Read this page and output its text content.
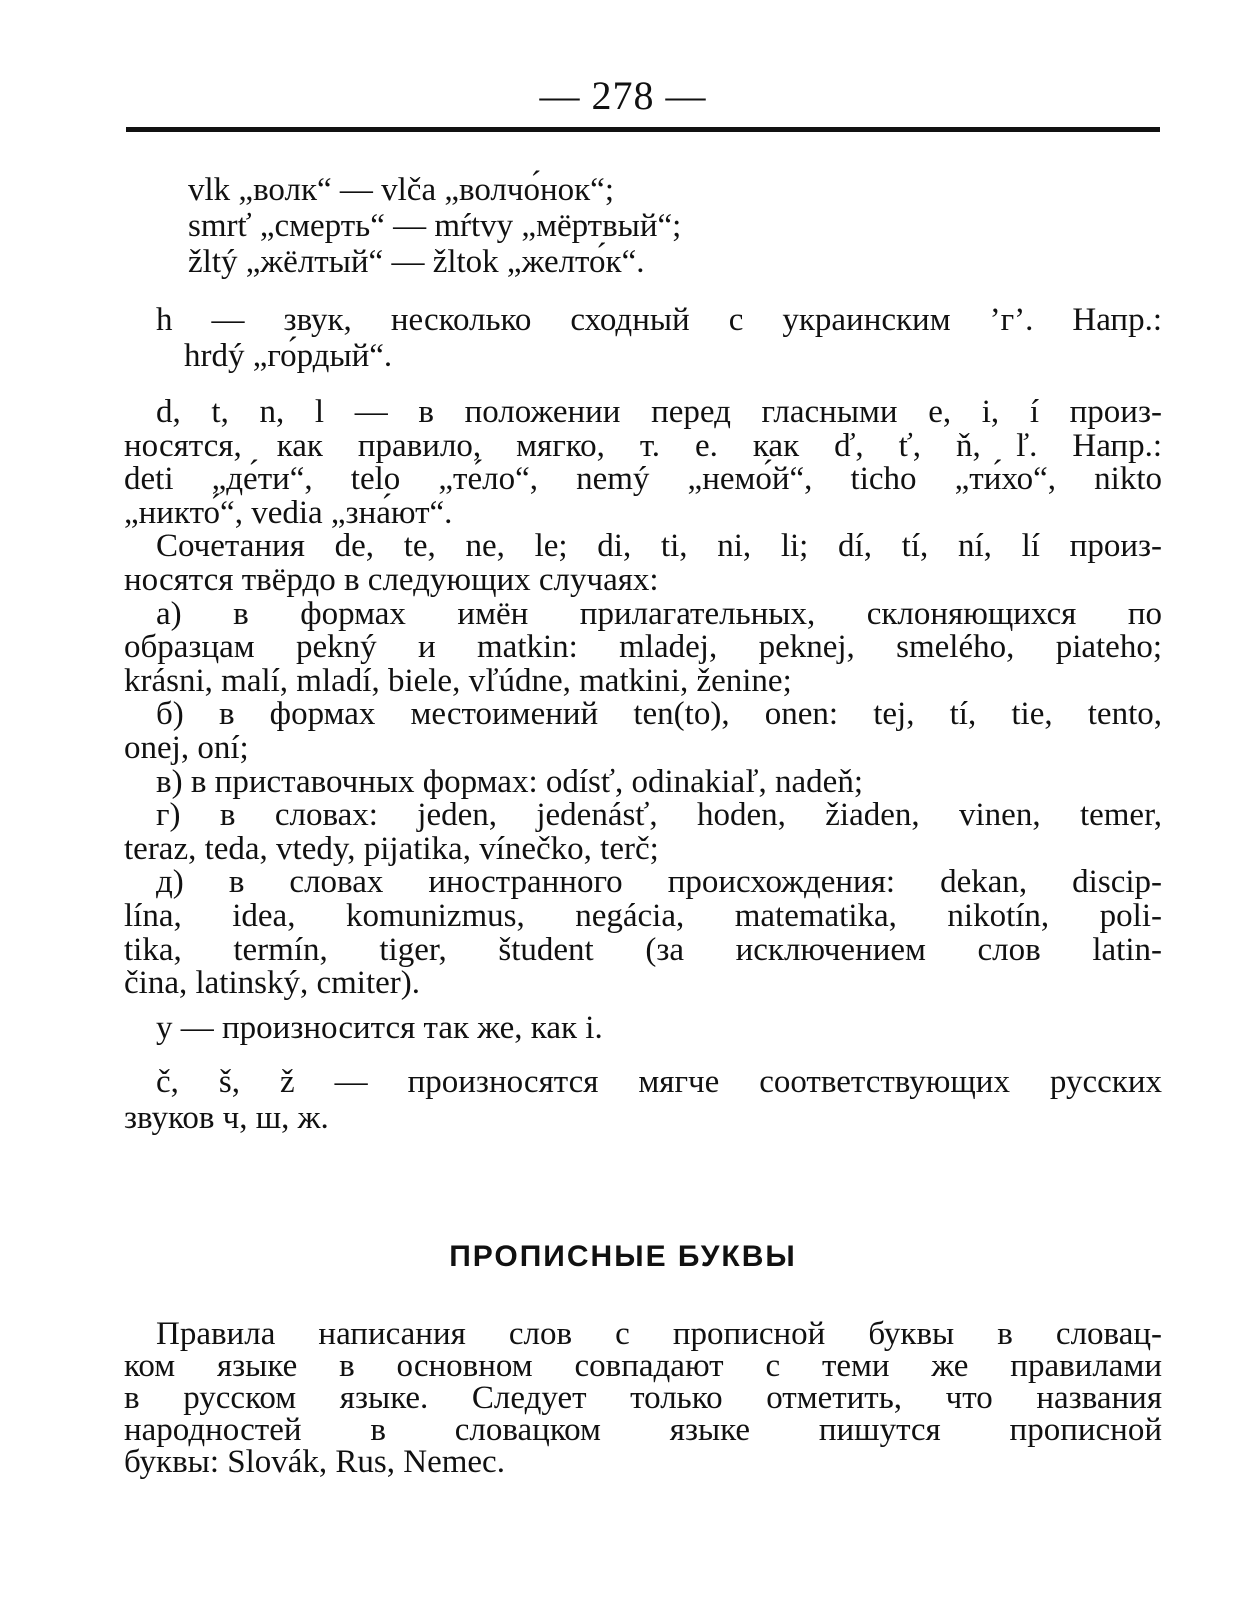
— 278 —
vlk „волк“ — vlča „волчо́нок“;
smrť „смерть“ — mŕtvy „мёртвый“;
žltý „жёлтый“ — žltok „желто́к“.
h — звук, несколько сходный с украинским ’г’. Напр.:
hrdý „го́рдый“.
d, t, n, l — в положении перед гласными e, i, í произ-
носятся, как правило, мягко, т. е. как ď, ť, ň, ľ. Напр.:
deti „де́ти“, telo „те́ло“, nemý „немо́й“, ticho „ти́хо“, nikto
„никто́“, vedia „зна́ют“.
Сочетания de, te, ne, le; di, ti, ni, li; dí, tí, ní, lí произ-
носятся твёрдо в следующих случаях:
а) в формах имён прилагательных, склоняющихся по
образцам pekný и matkin: mladej, peknej, smelého, piateho;
krásni, malí, mladí, biele, vľúdne, matkini, ženine;
б) в формах местоимений ten(to), onen: tej, tí, tie, tento,
onej, oní;
в) в приставочных формах: odísť, odinakiaľ, nadeň;
г) в словах: jeden, jedenásť, hoden, žiaden, vinen, temer,
teraz, teda, vtedy, pijatika, vínečko, terč;
д) в словах иностранного происхождения: dekan, discip-
lína, idea, komunizmus, negácia, matematika, nikotín, poli-
tika, termín, tiger, študent (за исключением слов latin-
čina, latinský, cmiter).
y — произносится так же, как i.
č, š, ž — произносятся мягче соответствующих русских
звуков ч, ш, ж.
ПРОПИСНЫЕ БУКВЫ
Правила написания слов с прописной буквы в словац-
ком языке в основном совпадают с теми же правилами
в русском языке. Следует только отметить, что названия
народностей в словацком языке пишутся прописной
буквы: Slovák, Rus, Nemec.
